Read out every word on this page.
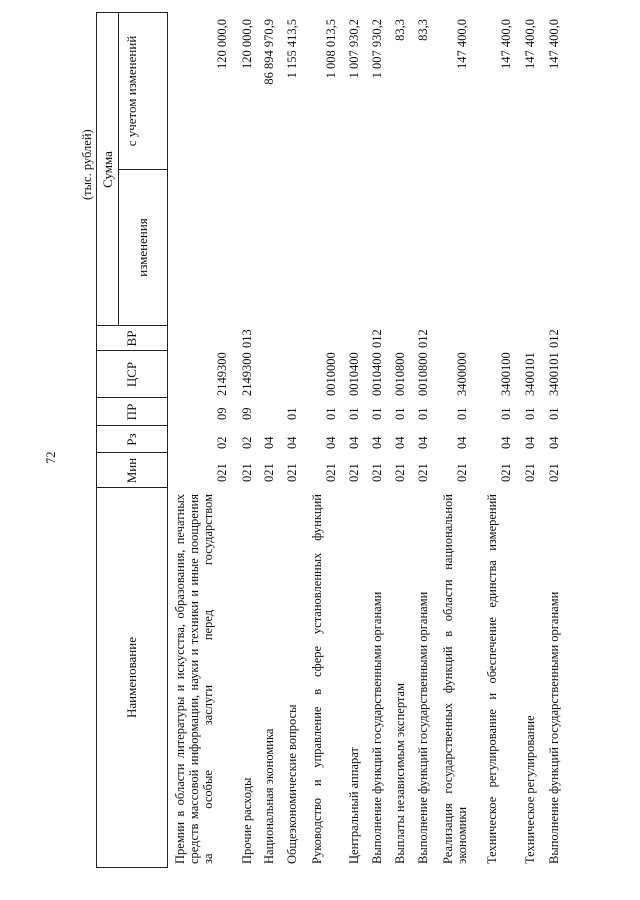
72
(тыс. рублей)
Наименование
Мин
Рз
ПР
ЦСР
ВР
Сумма
изменения
с учетом изменений
Премии в области литературы и искусства, образования, печатных средств массовой информации, науки и техники и иные поощрения за особые заслуги перед государством
021
02
09
2149300
120 000,0
Прочие расходы
021
02
09
2149300
013
120 000,0
Национальная экономика
021
04
86 894 970,9
Общеэкономические вопросы
021
04
01
1 155 413,5
Руководство и управление в сфере установленных функций
021
04
01
0010000
1 008 013,5
Центральный аппарат
021
04
01
0010400
1 007 930,2
Выполнение функций государственными органами
021
04
01
0010400
012
1 007 930,2
Выплаты независимым экспертам
021
04
01
0010800
83,3
Выполнение функций государственными органами
021
04
01
0010800
012
83,3
Реализация государственных функций в области национальной экономики
021
04
01
3400000
147 400,0
Техническое регулирование и обеспечение единства измерений
021
04
01
3400100
147 400,0
Техническое регулирование
021
04
01
3400101
147 400,0
Выполнение функций государственными органами
021
04
01
3400101
012
147 400,0
